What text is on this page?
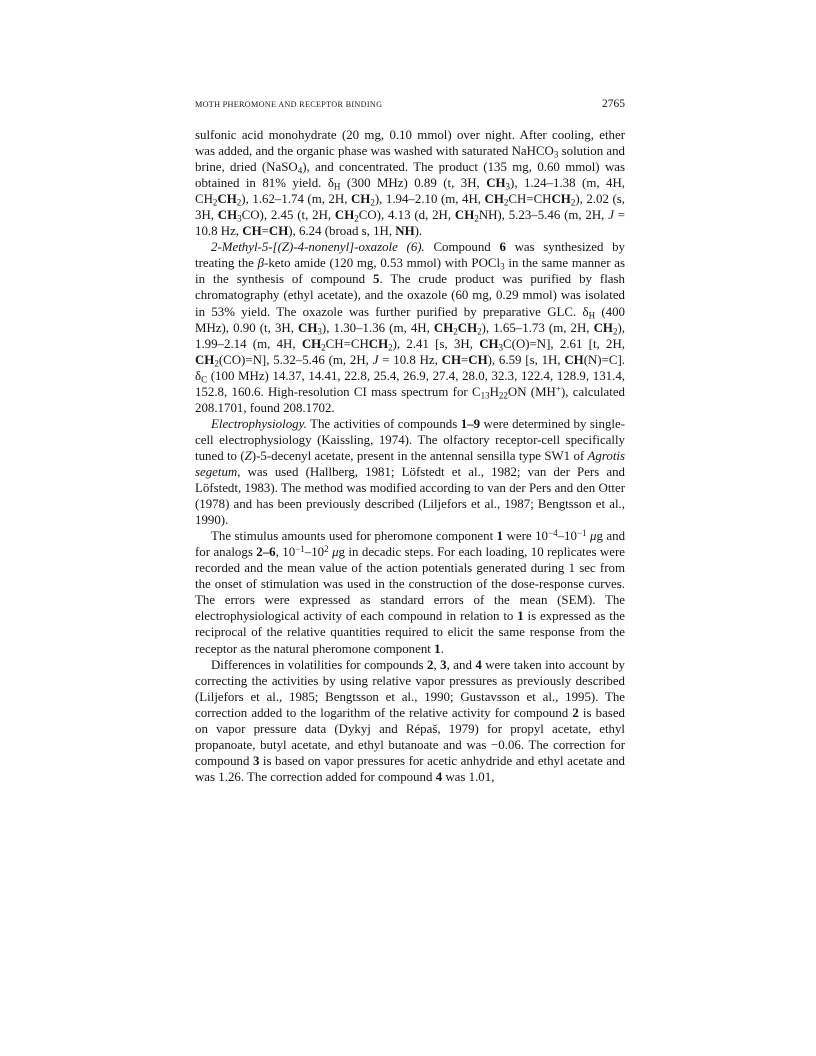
MOTH PHEROMONE AND RECEPTOR BINDING	2765

sulfonic acid monohydrate (20 mg, 0.10 mmol) over night. After cooling, ether was added, and the organic phase was washed with saturated NaHCO$_3$ solution and brine, dried (NaSO$_4$), and concentrated. The product (135 mg, 0.60 mmol) was obtained in 81% yield. $\delta_H$ (300 MHz) 0.89 (t, 3H, $CH_3$), 1.24–1.38 (m, 4H, $CH_2CH_2$), 1.62–1.74 (m, 2H, $CH_2$), 1.94–2.10 (m, 4H, $CH_2CH=CHCH_2$), 2.02 (s, 3H, $CH_3CO$), 2.45 (t, 2H, $CH_2CO$), 4.13 (d, 2H, $CH_2NH$), 5.23–5.46 (m, 2H, J = 10.8 Hz, CH=CH), 6.24 (broad s, 1H, NH).

2-Methyl-5-[(Z)-4-nonenyl]-oxazole (6). Compound 6 was synthesized by treating the β-keto amide (120 mg, 0.53 mmol) with POCl$_3$ in the same manner as in the synthesis of compound 5. The crude product was purified by flash chromatography (ethyl acetate), and the oxazole (60 mg, 0.29 mmol) was isolated in 53% yield. The oxazole was further purified by preparative GLC. $\delta_H$ (400 MHz), 0.90 (t, 3H, $CH_3$), 1.30–1.36 (m, 4H, $CH_2CH_2$), 1.65–1.73 (m, 2H, $CH_2$), 1.99–2.14 (m, 4H, $CH_2CH=CHCH_2$), 2.41 [s, 3H, $CH_3C(O)=N$], 2.61 [t, 2H, $CH_2(CO)=N$], 5.32–5.46 (m, 2H, J = 10.8 Hz, CH=CH), 6.59 [s, 1H, CH(N)=C]. $\delta_C$ (100 MHz) 14.37, 14.41, 22.8, 25.4, 26.9, 27.4, 28.0, 32.3, 122.4, 128.9, 131.4, 152.8, 160.6. High-resolution CI mass spectrum for $C_{13}H_{22}ON$ (MH+), calculated 208.1701, found 208.1702.

Electrophysiology. The activities of compounds 1–9 were determined by single-cell electrophysiology (Kaissling, 1974). The olfactory receptor-cell specifically tuned to (Z)-5-decenyl acetate, present in the antennal sensilla type SW1 of Agrotis segetum, was used (Hallberg, 1981; Löfstedt et al., 1982; van der Pers and Löfstedt, 1983). The method was modified according to van der Pers and den Otter (1978) and has been previously described (Liljefors et al., 1987; Bengtsson et al., 1990).

The stimulus amounts used for pheromone component 1 were $10^{-4}-10^{-1}$ μg and for analogs 2–6, $10^{-1}-10^2$ μg in decadic steps. For each loading, 10 replicates were recorded and the mean value of the action potentials generated during 1 sec from the onset of stimulation was used in the construction of the dose-response curves. The errors were expressed as standard errors of the mean (SEM). The electrophysiological activity of each compound in relation to 1 is expressed as the reciprocal of the relative quantities required to elicit the same response from the receptor as the natural pheromone component 1.

Differences in volatilities for compounds 2, 3, and 4 were taken into account by correcting the activities by using relative vapor pressures as previously described (Liljefors et al., 1985; Bengtsson et al., 1990; Gustavsson et al., 1995). The correction added to the logarithm of the relative activity for compound 2 is based on vapor pressure data (Dykyj and Répaš, 1979) for propyl acetate, ethyl propanoate, butyl acetate, and ethyl butanoate and was −0.06. The correction for compound 3 is based on vapor pressures for acetic anhydride and ethyl acetate and was 1.26. The correction added for compound 4 was 1.01,
